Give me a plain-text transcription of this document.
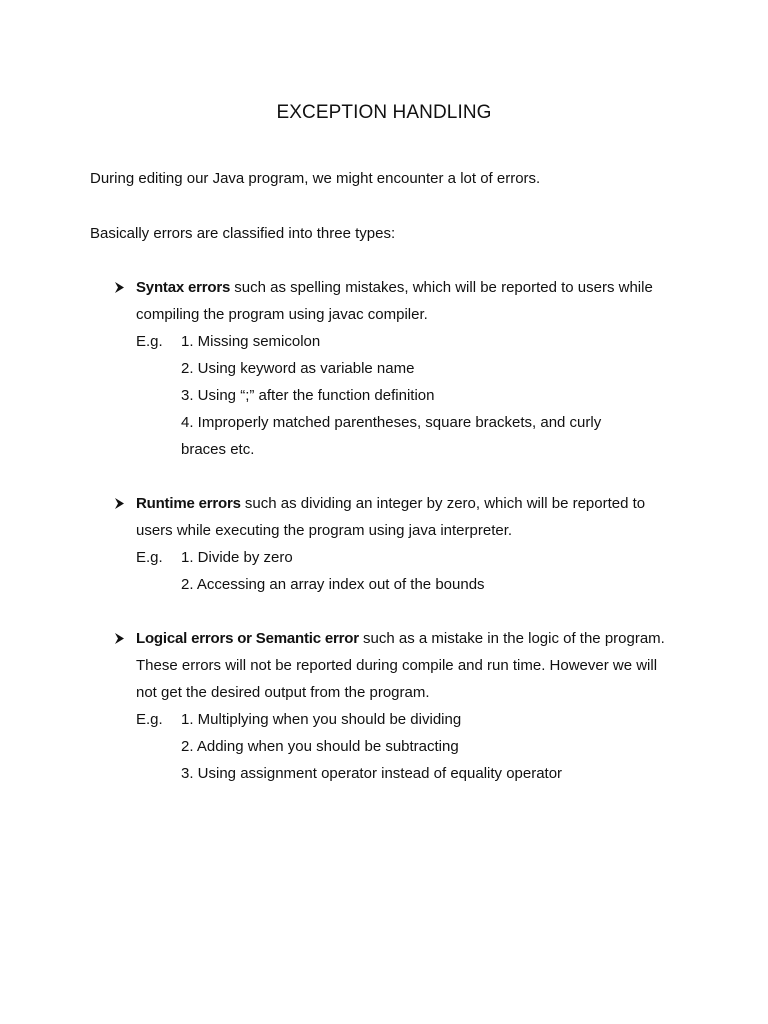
EXCEPTION HANDLING
During editing our Java program, we might encounter a lot of errors.
Basically errors are classified into three types:
Syntax errors such as spelling mistakes, which will be reported to users while
compiling the program using javac compiler.
E.g. 1. Missing semicolon
2. Using keyword as variable name
3. Using “;” after the function definition
4. Improperly matched parentheses, square brackets, and curly
braces etc.
Runtime errors such as dividing an integer by zero, which will be reported to
users while executing the program using java interpreter.
E.g. 1. Divide by zero
2. Accessing an array index out of the bounds
Logical errors or Semantic error such as a mistake in the logic of the program.
These errors will not be reported during compile and run time. However we will
not get the desired output from the program.
E.g. 1. Multiplying when you should be dividing
2. Adding when you should be subtracting
3. Using assignment operator instead of equality operator
